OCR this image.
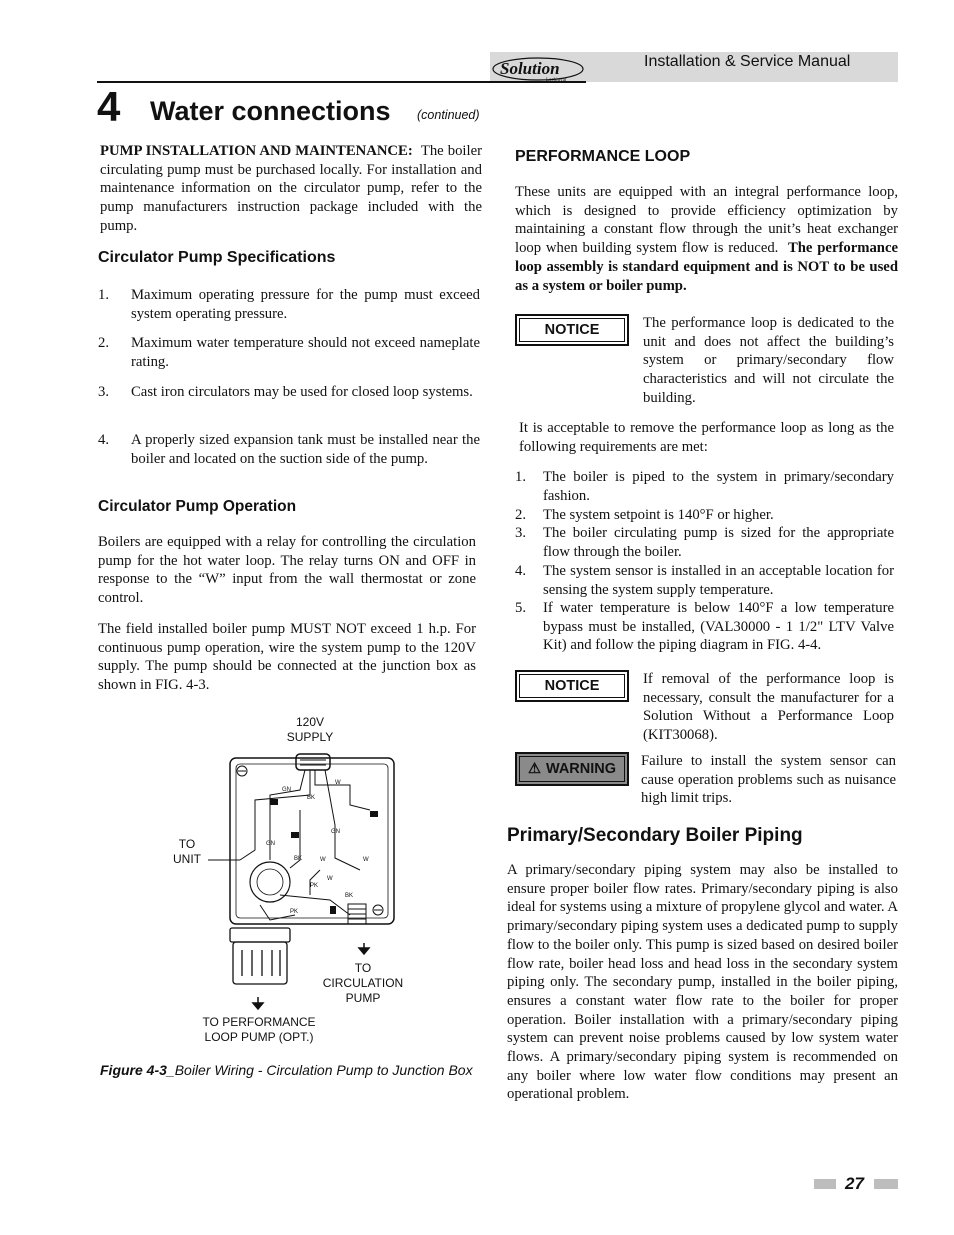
Solution	Installation & Service Manual
4 Water connections (continued)

PUMP INSTALLATION AND MAINTENANCE: The boiler circulating pump must be purchased locally. For installation and maintenance information on the circulator pump, refer to the pump manufacturers instruction package included with the pump.

Circulator Pump Specifications
1. Maximum operating pressure for the pump must exceed system operating pressure.
2. Maximum water temperature should not exceed nameplate rating.
3. Cast iron circulators may be used for closed loop systems.
4. A properly sized expansion tank must be installed near the boiler and located on the suction side of the pump.
Circulator Pump Operation

Boilers are equipped with a relay for controlling the circulation pump for the hot water loop. The relay turns ON and OFF in response to the “W” input from the wall thermostat or zone control.

The field installed boiler pump MUST NOT exceed 1 h.p. For continuous pump operation, wire the system pump to the 120V supply. The pump should be connected at the junction box as shown in FIG. 4-3.

120V
SUPPLY
TO
UNIT
TO
CIRCULATION
PUMP
TO PERFORMANCE
LOOP PUMP (OPT.)
W
GN
BK
GN
GN
BK	W	W
W
PK
BK
PK
Figure 4-3_Boiler Wiring - Circulation Pump to Junction Box
PERFORMANCE LOOP

These units are equipped with an integral performance loop, which is designed to provide efficiency optimization by maintaining a constant flow through the unit’s heat exchanger loop when building system flow is reduced. The performance loop assembly is standard equipment and is NOT to be used as a system or boiler pump.

NOTICE	The performance loop is dedicated to the unit and does not affect the building’s system or primary/secondary flow characteristics and will not circulate the building.

It is acceptable to remove the performance loop as long as the following requirements are met:

1. The boiler is piped to the system in primary/secondary fashion.
2. The system setpoint is 140°F or higher.
3. The boiler circulating pump is sized for the appropriate flow through the boiler.
4. The system sensor is installed in an acceptable location for sensing the system supply temperature.
5. If water temperature is below 140°F a low temperature bypass must be installed, (VAL30000 - 1 1/2" LTV Valve Kit) and follow the piping diagram in FIG. 4-4.
NOTICE	If removal of the performance loop is necessary, consult the manufacturer for a Solution Without a Performance Loop (KIT30068).

⚠ WARNING Failure to install the system sensor can cause operation problems such as nuisance high limit trips.

Primary/Secondary Boiler Piping

A primary/secondary piping system may also be installed to ensure proper boiler flow rates. Primary/secondary piping is also ideal for systems using a mixture of propylene glycol and water. A primary/secondary piping system uses a dedicated pump to supply flow to the boiler only. This pump is sized based on desired boiler flow rate, boiler head loss and head loss in the secondary system piping only. The secondary pump, installed in the boiler piping, ensures a constant water flow rate to the boiler for proper operation. Boiler installation with a primary/secondary piping system can prevent noise problems caused by low system water flows. A primary/secondary piping system is recommended on any boiler where low water flow conditions may present an operational problem.

27
